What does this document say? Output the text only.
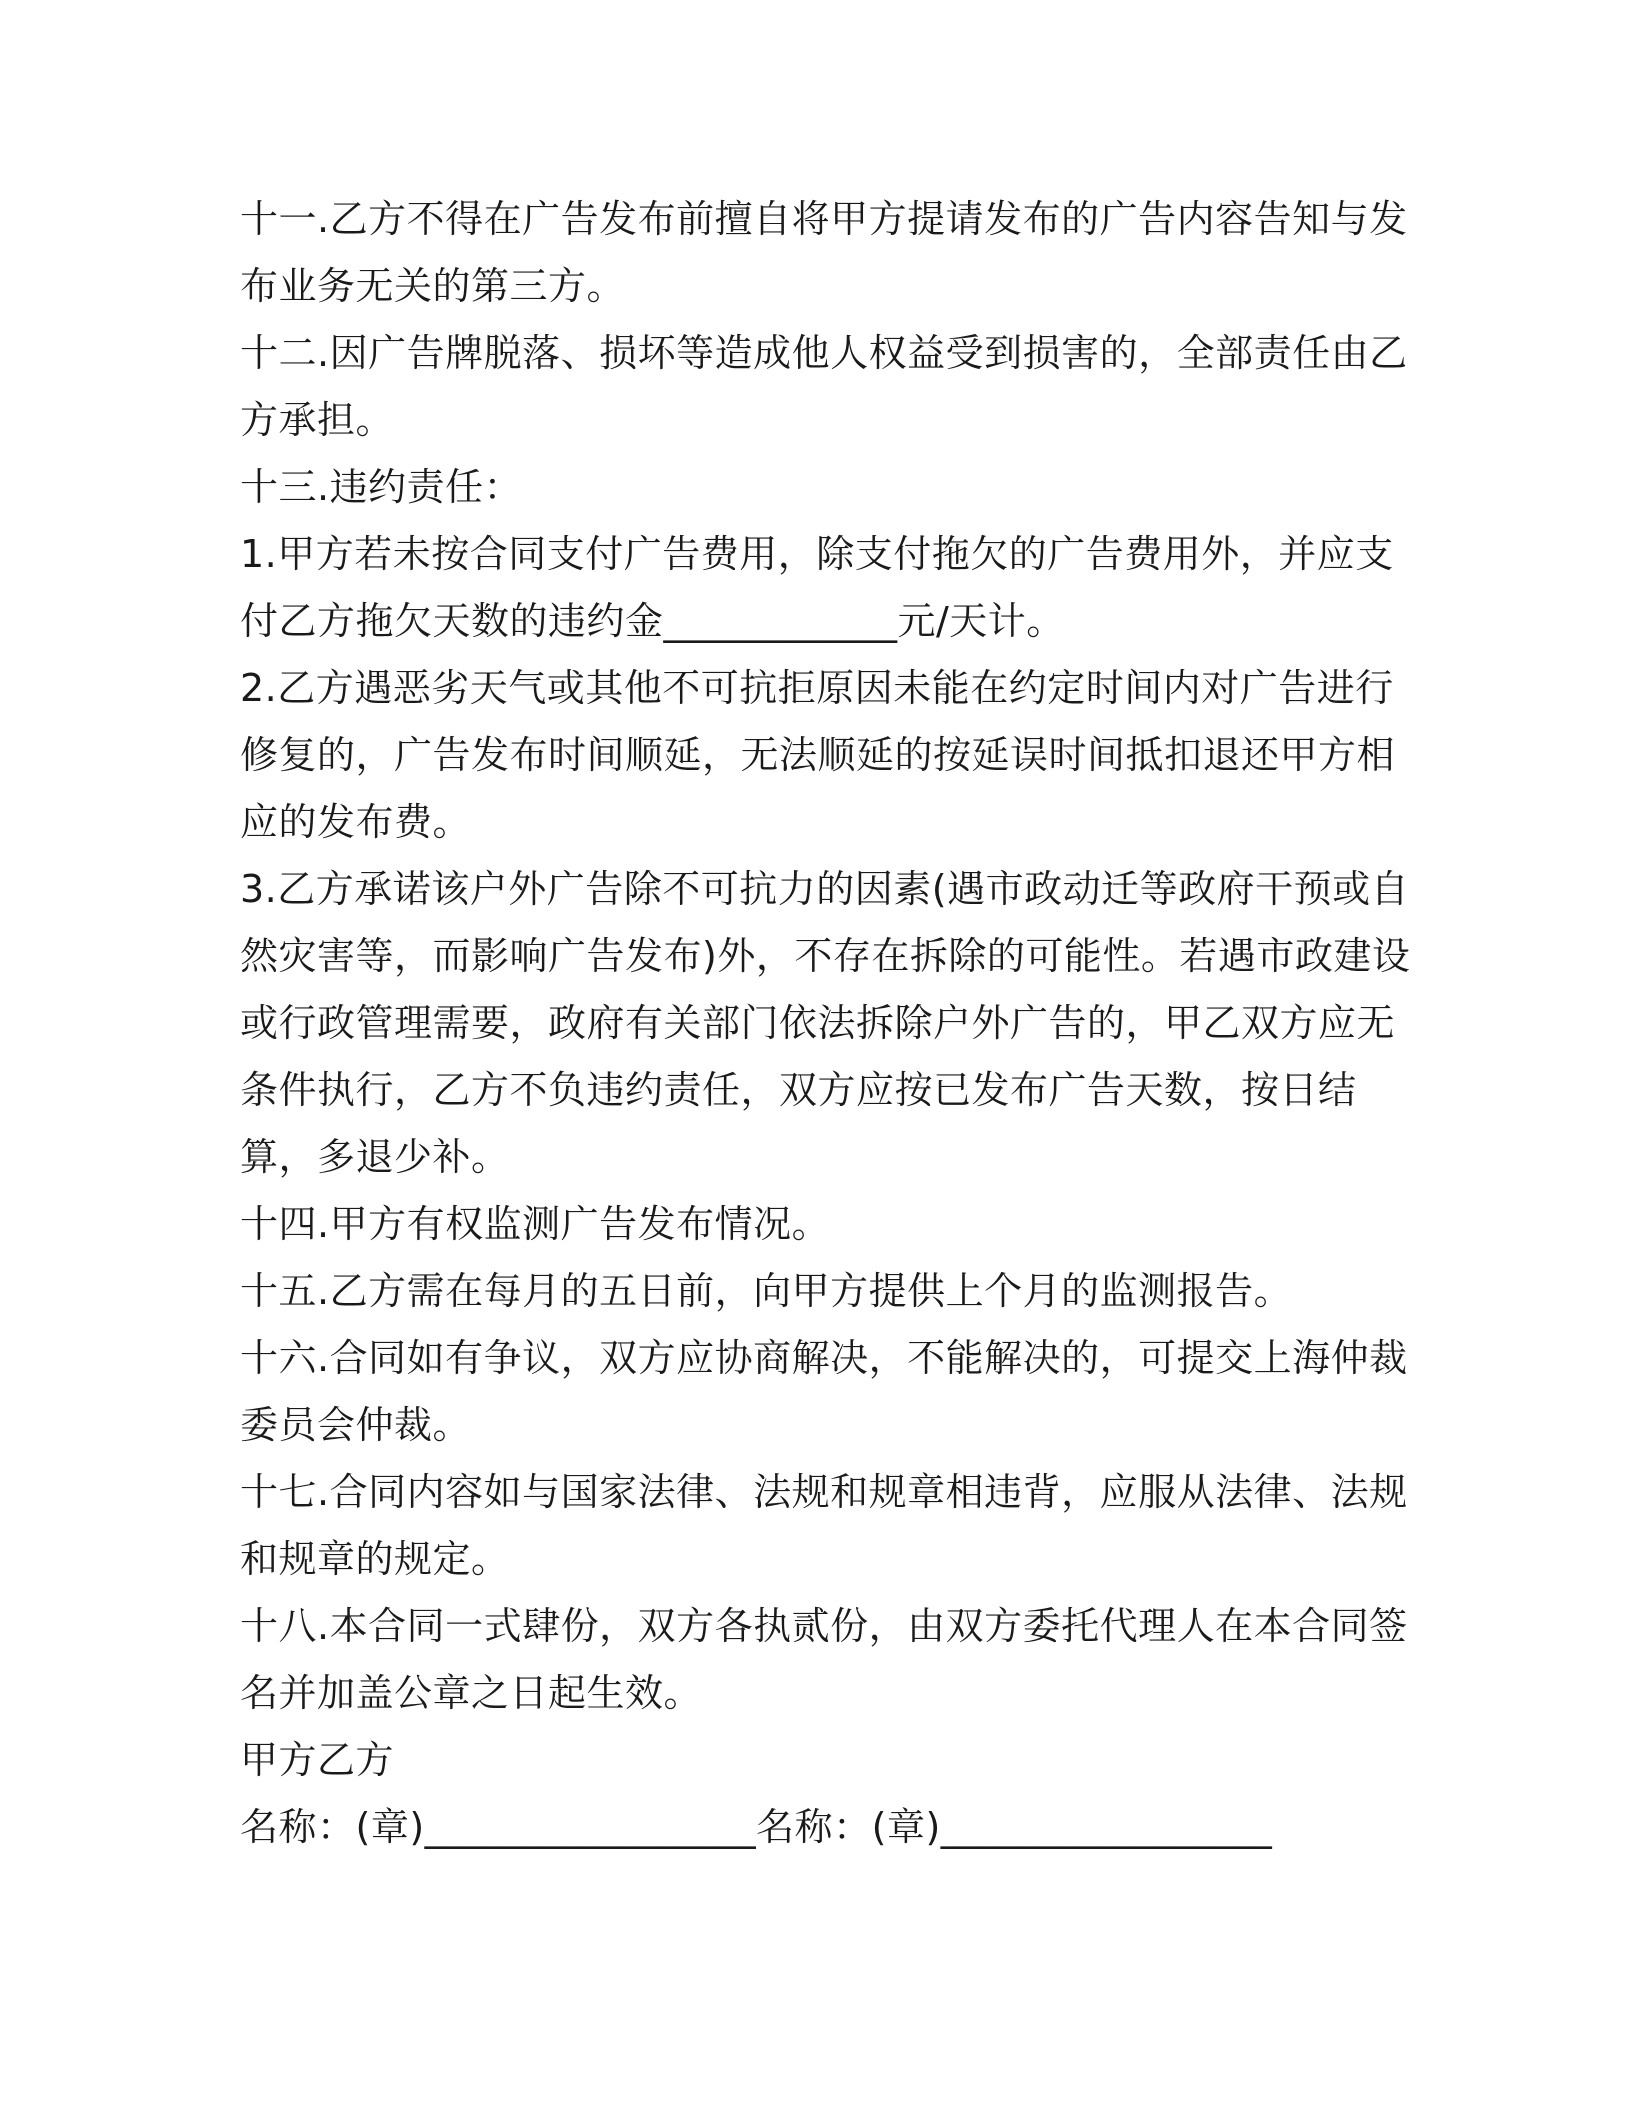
十一.乙方不得在广告发布前擅自将甲方提请发布的广告内容告知与发
布业务无关的第三方。
十二.因广告牌脱落、损坏等造成他人权益受到损害的，全部责任由乙
方承担。
十三.违约责任：
1.甲方若未按合同支付广告费用，除支付拖欠的广告费用外，并应支
付乙方拖欠天数的违约金____________元/天计。
2.乙方遇恶劣天气或其他不可抗拒原因未能在约定时间内对广告进行
修复的，广告发布时间顺延，无法顺延的按延误时间抵扣退还甲方相
应的发布费。
3.乙方承诺该户外广告除不可抗力的因素(遇市政动迁等政府干预或自
然灾害等，而影响广告发布)外，不存在拆除的可能性。若遇市政建设
或行政管理需要，政府有关部门依法拆除户外广告的，甲乙双方应无
条件执行，乙方不负违约责任，双方应按已发布广告天数，按日结
算，多退少补。
十四.甲方有权监测广告发布情况。
十五.乙方需在每月的五日前，向甲方提供上个月的监测报告。
十六.合同如有争议，双方应协商解决，不能解决的，可提交上海仲裁
委员会仲裁。
十七.合同内容如与国家法律、法规和规章相违背，应服从法律、法规
和规章的规定。
十八.本合同一式肆份，双方各执贰份，由双方委托代理人在本合同签
名并加盖公章之日起生效。
甲方乙方
名称：(章)_________________名称：(章)_________________
